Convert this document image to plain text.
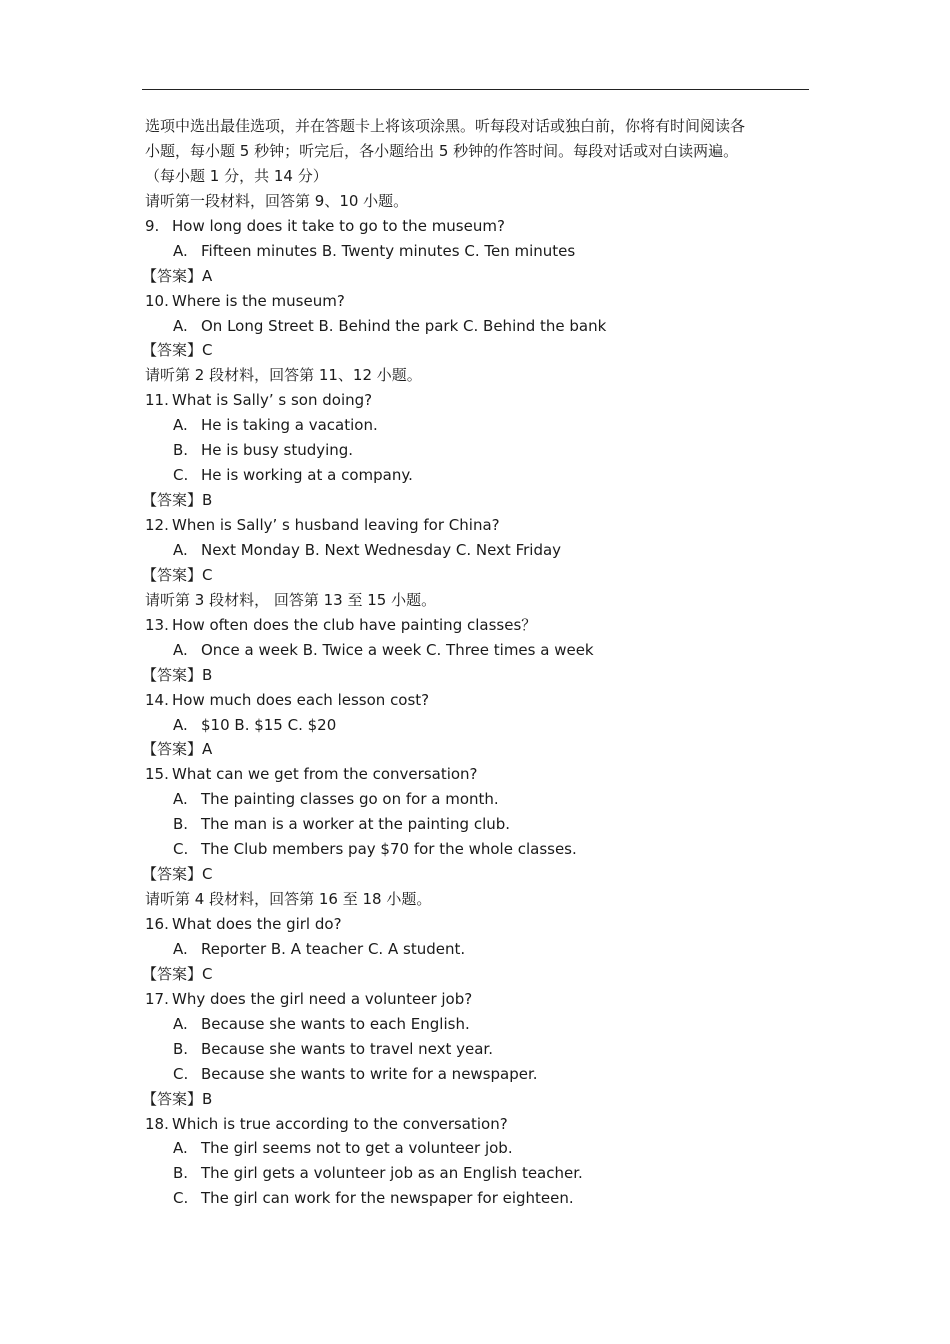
选项中选出最佳选项，并在答题卡上将该项涂黑。听每段对话或独白前，你将有时间阅读各
小题，每小题 5 秒钟；听完后，各小题给出 5 秒钟的作答时间。每段对话或对白读两遍。
（每小题 1 分，共 14 分）
请听第一段材料，回答第 9、10 小题。
9. How long does it take to go to the museum?
A. Fifteen minutes B. Twenty minutes C. Ten minutes
【答案】A
10. Where is the museum?
A. On Long Street B. Behind the park C. Behind the bank
【答案】C
请听第 2 段材料，回答第 11、12 小题。
11. What is Sally’ s son doing?
A. He is taking a vacation.
B. He is busy studying.
C. He is working at a company.
【答案】B
12. When is Sally’ s husband leaving for China?
A. Next Monday B. Next Wednesday C. Next Friday
【答案】C
请听第 3 段材料， 回答第 13 至 15 小题。
13. How often does the club have painting classes？
A. Once a week B. Twice a week C. Three times a week
【答案】B
14. How much does each lesson cost?
A. $10 B. $15 C. $20
【答案】A
15. What can we get from the conversation?
A. The painting classes go on for a month.
B. The man is a worker at the painting club.
C. The Club members pay $70 for the whole classes.
【答案】C
请听第 4 段材料，回答第 16 至 18 小题。
16. What does the girl do?
A. Reporter B. A teacher C. A student.
【答案】C
17. Why does the girl need a volunteer job?
A. Because she wants to each English.
B. Because she wants to travel next year.
C. Because she wants to write for a newspaper.
【答案】B
18. Which is true according to the conversation?
A. The girl seems not to get a volunteer job.
B. The girl gets a volunteer job as an English teacher.
C. The girl can work for the newspaper for eighteen.
